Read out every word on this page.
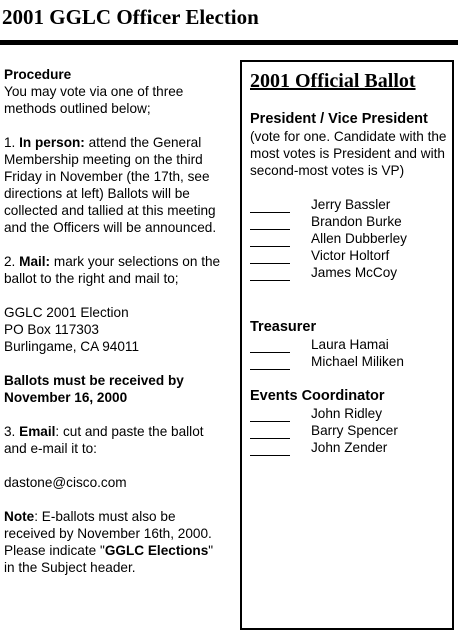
2001 GGLC Officer Election
Procedure

You may vote via one of three methods outlined below;

1. In person: attend the General Membership meeting on the third Friday in November (the 17th, see directions at left) Ballots will be collected and tallied at this meeting and the Officers will be announced.

2. Mail: mark your selections on the ballot to the right and mail to;

GGLC 2001 Election

PO Box 117303

Burlingame, CA 94011

Ballots must be received by November 16, 2000

3. Email: cut and paste the ballot and e-mail it to:

dastone@cisco.com

Note: E-ballots must also be received by November 16th, 2000. Please indicate "GGLC Elections" in the Subject header.

2001 Official Ballot
President / Vice President
(vote for one. Candidate with the most votes is President and with second-most votes is VP)
Jerry Bassler
Brandon Burke
Allen Dubberley
Victor Holtorf
James McCoy
Treasurer
Laura Hamai
Michael Miliken
Events Coordinator
John Ridley
Barry Spencer
John Zender
